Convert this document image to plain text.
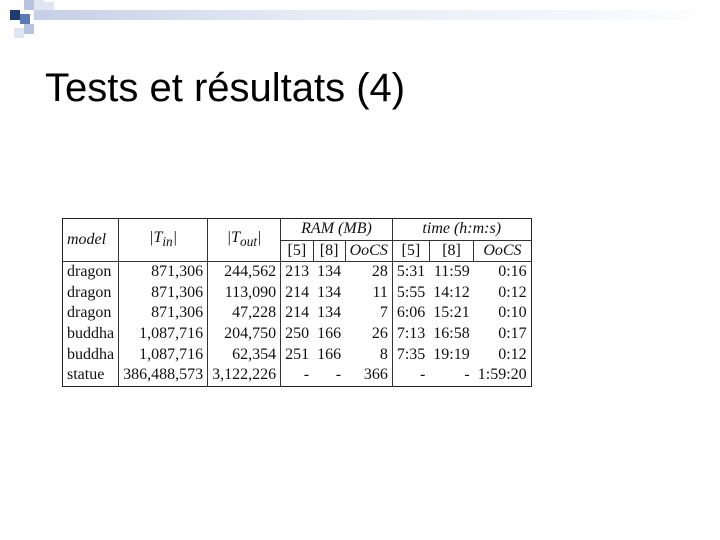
Tests et résultats (4)
model	$|T_{in}|$	$|T_{out}|$	RAM (MB)			time (h:m:s)		
			[5]	[8]	OoCS	[5]	[8]	OoCS
dragon	871,306	244,562	213	134	28	5:31	11:59	0:16
dragon	871,306	113,090	214	134	11	5:55	14:12	0:12
dragon	871,306	47,228	214	134	7	6:06	15:21	0:10
buddha	1,087,716	204,750	250	166	26	7:13	16:58	0:17
buddha	1,087,716	62,354	251	166	8	7:35	19:19	0:12
statue	386,488,573	3,122,226	-	-	366	-	-	1:59:20
